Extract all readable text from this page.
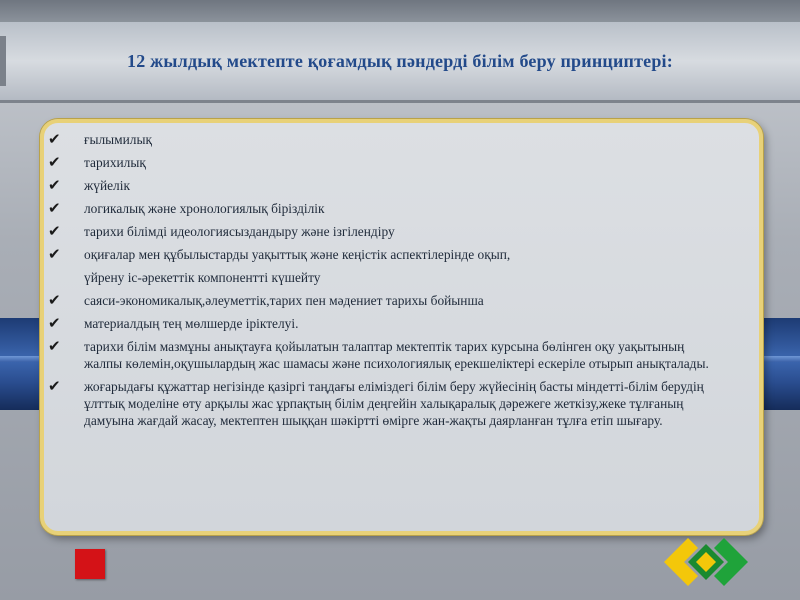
12 жылдық мектепте қоғамдық пәндерді білім беру принциптері:
✔ ғылымилық
✔ тарихилық
✔ жүйелік
✔ логикалық және хронологиялық бірізділік
✔ тарихи білімді идеологиясыздандыру және ізгілендіру
✔ оқиғалар мен құбылыстарды уақыттық және кеңістік аспектілерінде оқып,
үйрену іс-әрекеттік компонентті күшейту
✔ саяси-экономикалық,әлеуметтік,тарих пен мәдениет тарихы бойынша
✔ материалдың тең мөлшерде іріктелуі.
✔ тарихи білім мазмұны анықтауға қойылатын талаптар мектептік тарих курсына бөлінген оқу уақытының жалпы көлемін,оқушылардың жас шамасы және психологиялық ерекшеліктері ескеріле отырып анықталады.
✔ жоғарыдағы құжаттар негізінде қазіргі таңдағы еліміздегі білім беру жүйесінің басты міндетті-білім берудің ұлттық моделіне өту арқылы жас ұрпақтың білім деңгейін халықаралық дәрежеге жеткізу,жеке тұлғаның дамуына жағдай жасау, мектептен шыққан шәкіртті өмірге жан-жақты даярланған тұлға етіп шығару.
